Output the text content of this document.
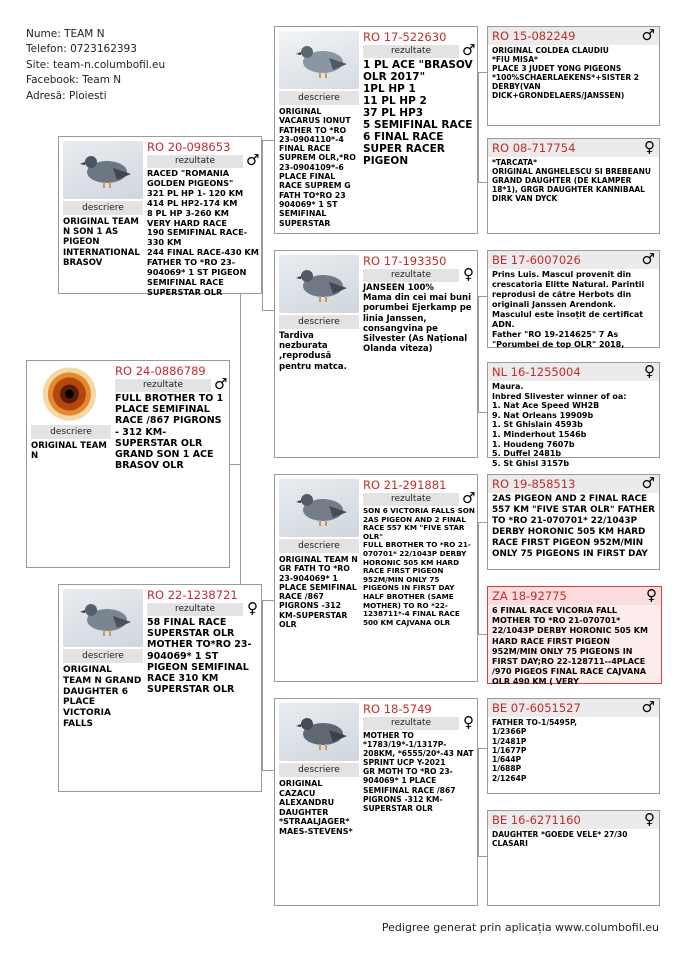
Nume: TEAM N
Telefon: 0723162393
Site: team-n.columbofil.eu
Facebook: Team N
Adresă: Ploiesti
descriere
ORIGINAL TEAM N
RO 24-0886789
rezultate	♂
FULL BROTHER TO 1 PLACE SEMIFINAL RACE /867 PIGRONS - 312 KM-SUPERSTAR OLR
GRAND SON 1 ACE BRASOV OLR
descriere
ORIGINAL TEAM N SON 1 AS PIGEON INTERNATIONAL BRASOV
RO 20-098653
rezultate	♂
RACED "ROMANIA GOLDEN PIGEONS"
321 PL HP 1- 120 KM
414 PL HP2-174 KM
8 PL HP 3-260 KM
VERY HARD RACE
190 SEMIFINAL RACE-330 KM
244 FINAL RACE-430 KM
FATHER TO *RO 23-904069* 1 ST PIGEON SEMIFINAL RACE SUPERSTAR OLR
descriere
ORIGINAL TEAM N GRAND DAUGHTER 6 PLACE VICTORIA FALLS
RO 22-1238721
rezultate	♀
58 FINAL RACE SUPERSTAR OLR
MOTHER TO*RO 23-904069* 1 ST PIGEON SEMIFINAL RACE 310 KM SUPERSTAR OLR
descriere
ORIGINAL VACARUS IONUT FATHER TO *RO 23-0904110*-4 FINAL RACE SUPREM OLR,*RO 23-0904109*-6 PLACE FINAL RACE SUPREM G FATH TO*RO 23 904069* 1 ST SEMIFINAL SUPERSTAR
RO 17-522630
rezultate	♂
1 PL ACE "BRASOV OLR 2017"
1PL HP 1
11 PL HP 2
37 PL HP3
5 SEMIFINAL RACE
6 FINAL RACE SUPER RACER PIGEON
descriere
Tardiva nezburata ,reprodusă pentru matca.
RO 17-193350
rezultate	♀
JANSEEN 100%
Mama din cei mai buni porumbei Ejerkamp pe linia Janssen, consangvina pe Silvester (As Național Olanda viteza)
descriere
ORIGINAL TEAM N GR FATH TO *RO 23-904069* 1 PLACE SEMIFINAL RACE /867 PIGRONS -312 KM-SUPERSTAR OLR
RO 21-291881
rezultate	♂
SON 6 VICTORIA FALLS SON 2AS PIGEON AND 2 FINAL RACE 557 KM "FIVE STAR OLR"
FULL BROTHER TO *RO 21-070701* 22/1043P DERBY HORONIC 505 KM HARD RACE FIRST PIGEON 952M/MIN ONLY 75 PIGEONS IN FIRST DAY HALF BROTHER (SAME MOTHER) TO RO *22-1238711*-4 FINAL RACE 500 KM CAJVANA OLR
descriere
ORIGINAL CAZACU ALEXANDRU DAUGHTER *STRAALJAGER* MAES-STEVENS*
RO 18-5749
rezultate	♀
MOTHER TO *1783/19*-1/1317P-208KM, *6555/20*-43 NAT SPRINT UCP Y-2021
GR MOTH TO *RO 23-904069* 1 PLACE SEMIFINAL RACE /867 PIGRONS -312 KM-SUPERSTAR OLR
RO 15-082249	♂
ORIGINAL COLDEA CLAUDIU
*FIU MISA*
PLACE 3 JUDET YONG PIGEONS
*100%SCHAERLAEKENS*+SISTER 2 DERBY(VAN DICK+GRONDELAERS/JANSSEN)
RO 08-717754	♀
*TARCATA*
ORIGINAL ANGHELESCU SI BREBEANU GRAND DAUGHTER (DE KLAMPER 18*1), GRGR DAUGHTER KANNIBAAL DIRK VAN DYCK
BE 17-6007026	♂
Prins Luis. Mascul provenit din crescatoria Elitte Natural. Parintii reprodusi de către Herbots din originali Janssen Arendonk. Masculul este însoțit de certificat ADN.
Father "RO 19-214625" 7 As "Porumbei de top OLR" 2018,
NL 16-1255004	♀
Maura.
Inbred Slivester winner of oa:
1. Nat Ace Speed WH2B
9. Nat Orleans 19909b
1. St Ghislain 4593b
1. Minderhout 1546b
1. Houdeng 7607b
5. Duffel 2481b
5. St Ghisl 3157b
RO 19-858513	♂
2AS PIGEON AND 2 FINAL RACE 557 KM "FIVE STAR OLR" FATHER TO *RO 21-070701* 22/1043P DERBY HORONIC 505 KM HARD RACE FIRST PIGEON 952M/MIN ONLY 75 PIGEONS IN FIRST DAY
ZA 18-92775	♀
6 FINAL RACE VICORIA FALL MOTHER TO *RO 21-070701* 22/1043P DERBY HORONIC 505 KM HARD RACE FIRST PIGEON 952M/MIN ONLY 75 PIGEONS IN FIRST DAY;RO 22-128711--4PLACE /970 PIGEOS FINAL RACE CAJVANA OLR 490 KM ( VERY
BE 07-6051527	♂
FATHER TO-1/5495P,
1/2366P
1/2481P
1/1677P
1/644P
1/688P
2/1264P
BE 16-6271160	♀
DAUGHTER *GOEDE VELE* 27/30 CLASARI
Pedigree generat prin aplicația www.columbofil.eu
